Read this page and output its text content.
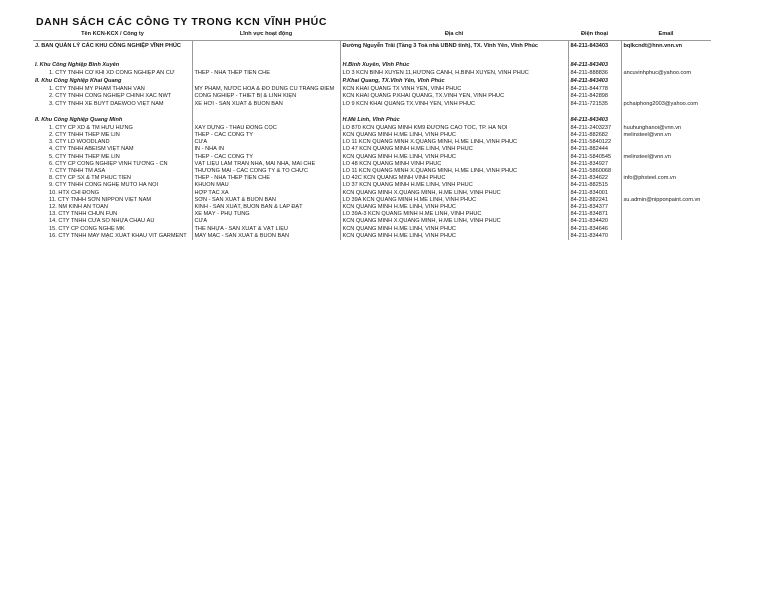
DANH SÁCH CÁC CÔNG TY TRONG KCN VĨNH PHÚC
Tên KCN-KCX / Công ty	Lĩnh vực hoạt động	Địa chỉ	Điện thoại	Email
J. BAN QUẢN LÝ CÁC KHU CÔNG NGHIỆP VĨNH PHÚC		Đường Nguyễn Trãi (Tầng 3 Toà nhà UBND tỉnh), TX. Vĩnh Yên, Vĩnh Phúc	84-211-843403	bqlkcndt@hnn.vnn.vn

I. Khu Công Nghiệp Bình Xuyên		H.Bình Xuyên, Vĩnh Phúc	84-211-843403	
1. CTY TNHH CƠ KHÍ XD CÔNG NGHIỆP AN CƯ	THÉP - NHÀ THÉP TIỀN CHẾ	LÔ 3 KCN BÌNH XUYÊN 11,HƯƠNG CANH, H.BÌNH XUYÊN, VĨNH PHÚC	84-211-888836	ancuvinhphuc@yahoo.com
II. Khu Công Nghiệp Khai Quang		P.Khai Quang, TX.Vĩnh Yên, Vĩnh Phúc	84-211-843403	
1. CTY TNHH MỸ PHẨM THÀNH VÂN	MỸ PHẨM, NƯỚC HOA & ĐỒ DÙNG CÙ TRANG ĐIỂM	KCN KHAI QUANG TX VĨNH YÊN, VĨNH PHÚC	84-211-844778	
2. CTY TNHH CÔNG NGHIỆP CHÍNH XÁC NWT	CÔNG NGHIỆP - THIẾT BỊ & LINH KIỆN	KCN KHAI QUANG P.KHAI QUANG, TX.VĨNH YÊN, VĨNH PHÚC	84-211-842898	
3. CTY TNHH XE BUÝT DAEWOO VIỆT NAM	XE HƠI - SẢN XUẤT & BUÔN BÁN	LÔ 9 KCN KHAI QUANG TX.VĨNH YÊN, VĨNH PHÚC	84-211-721535	pchaiphong2003@yahoo.com

II. Khu Công Nghiệp Quang Minh		H.Mê Linh, Vĩnh Phúc	84-211-843403	
1. CTY CP XD & TM HỮU HƯNG	XÂY DỰNG - THẦU ĐÓNG CỌC	LÔ 870 KCN QUANG MINH KM9 ĐƯỜNG CAO TỐC, TP. HÀ NỘI	84-211-2403237	huuhunghanoi@vnn.vn
2. CTY TNHH THÉP MÊ LIN	THÉP - CÁC CÔNG TY	KCN QUANG MINH H.MÊ LINH, VĨNH PHÚC	84-211-882682	melinsteel@vnn.vn
3. CTY LD WOODLAND	CỬA	LÔ 11 KCN QUANG MINH X.QUANG MINH, H.MÊ LINH, VĨNH PHÚC	84-211-5840122	
4. CTY TNHH ABEISM VIỆT NAM	IN - NHÀ IN	LÔ 47 KCN QUANG MINH H.MÊ LINH, VĨNH PHÚC	84-211-882444	
5. CTY TNHH THÉP MÊ LIN	THÉP - CÁC CÔNG TY	KCN QUANG MINH H.MÊ LINH, VĨNH PHÚC	84-211-5840545	melinsteel@vnn.vn
6. CTY CP CÔNG NGHIỆP VĨNH TƯỜNG - CN	VẬT LIỆU LÀM TRẦN NHÀ, MÁI NHÀ, MÁI CHE	LÔ 48 KCN QUANG MINH VĨNH PHÚC	84-211-834927	
7. CTY TNHH TM ASA	THƯƠNG MẠI - CÁC CÔNG TY & TỔ CHỨC	LÔ 11 KCN QUANG MINH X.QUANG MINH, H.MÊ LINH, VĨNH PHÚC	84-211-5860068	
8. CTY CP SX & TM PHÚC TIẾN	THÉP - NHÀ THÉP TIỀN CHẾ	LÔ 42C KCN QUANG MINH VĨNH PHÚC	84-211-834622	info@phsteel.com.vn
9. CTY TNHH CÔNG NGHỆ MUTO HÀ NỘI	KHUÔN MẪU	LÔ 37 KCN QUANG MINH H.MÊ LINH, VĨNH PHÚC	84-211-882515	
10. HTX CHI ĐÔNG	HỢP TÁC XÃ	KCN QUANG MINH X.QUANG MINH, H.MÊ LINH, VĨNH PHÚC	84-211-834001	
11. CTY TNHH SƠN NIPPON VIỆT NAM	SƠN - SẢN XUẤT & BUÔN BÁN	LÔ 39A KCN QUANG MINH H.MÊ LINH, VĨNH PHÚC	84-211-882241	su.admin@nipponpaint.com.vn
12. NM KÍNH AN TOÀN	KÍNH - SẢN XUẤT, BUÔN BÁN & LẮP ĐẶT	KCN QUANG MINH H.MÊ LINH, VĨNH PHÚC	84-211-834377	
13. CTY TNHH CHUN FUN	XE MÁY - PHỤ TÙNG	LÔ 39A-3 KCN QUANG MINH H.MÊ LINH, VĨNH PHÚC	84-211-834871	
14. CTY TNHH CỬA SỔ NHỰA CHÂU ÂU	CỬA	KCN QUANG MINH X.QUANG MINH, H.MÊ LINH, VĨNH PHÚC	84-211-834420	
15. CTY CP CÔNG NGHỆ MK	THẺ NHỰA - SẢN XUẤT & VẬT LIỆU	KCN QUANG MINH H.MÊ LINH, VĨNH PHÚC	84-211-834646	
16. CTY TNHH MAY MẶC XUẤT KHẨU VIT GARMENT	MAY MẶC - SẢN XUẤT & BUÔN BÁN	KCN QUANG MINH H.MÊ LINH, VĨNH PHÚC	84-211-834470	
